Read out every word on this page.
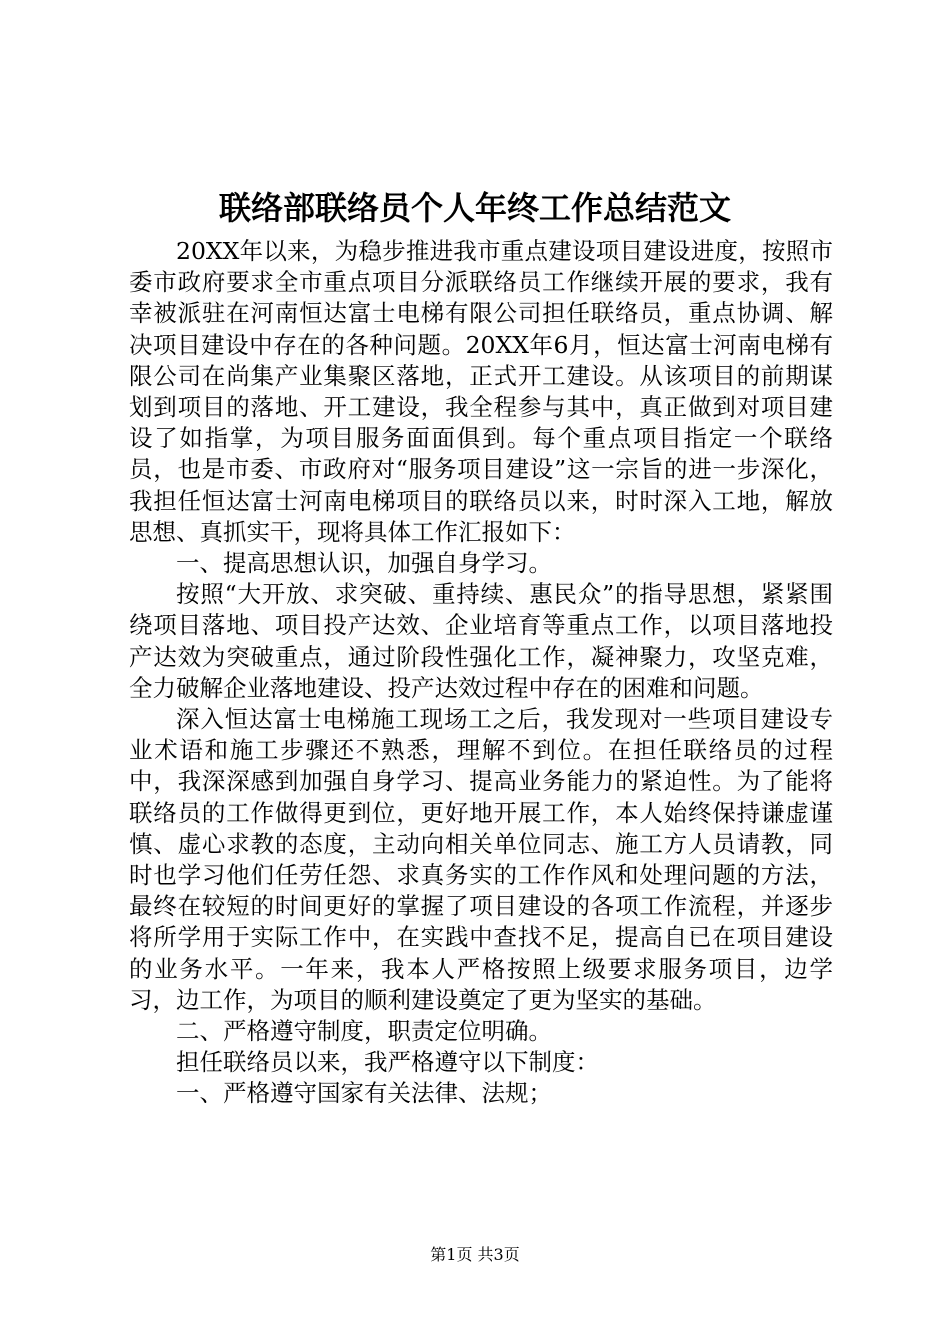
联络部联络员个人年终工作总结范文

20XX年以来，为稳步推进我市重点建设项目建设进度，按照市委市政府要求全市重点项目分派联络员工作继续开展的要求，我有幸被派驻在河南恒达富士电梯有限公司担任联络员，重点协调、解决项目建设中存在的各种问题。20XX年6月，恒达富士河南电梯有限公司在尚集产业集聚区落地，正式开工建设。从该项目的前期谋划到项目的落地、开工建设，我全程参与其中，真正做到对项目建设了如指掌，为项目服务面面俱到。每个重点项目指定一个联络员，也是市委、市政府对“服务项目建设”这一宗旨的进一步深化，我担任恒达富士河南电梯项目的联络员以来，时时深入工地，解放思想、真抓实干，现将具体工作汇报如下：

一、提高思想认识，加强自身学习。

按照“大开放、求突破、重持续、惠民众”的指导思想，紧紧围绕项目落地、项目投产达效、企业培育等重点工作，以项目落地投产达效为突破重点，通过阶段性强化工作，凝神聚力，攻坚克难，全力破解企业落地建设、投产达效过程中存在的困难和问题。

深入恒达富士电梯施工现场工之后，我发现对一些项目建设专业术语和施工步骤还不熟悉，理解不到位。在担任联络员的过程中，我深深感到加强自身学习、提高业务能力的紧迫性。为了能将联络员的工作做得更到位，更好地开展工作，本人始终保持谦虚谨慎、虚心求教的态度，主动向相关单位同志、施工方人员请教，同时也学习他们任劳任怨、求真务实的工作作风和处理问题的方法，最终在较短的时间更好的掌握了项目建设的各项工作流程，并逐步将所学用于实际工作中，在实践中查找不足，提高自已在项目建设的业务水平。一年来，我本人严格按照上级要求服务项目，边学习，边工作，为项目的顺利建设奠定了更为坚实的基础。

二、严格遵守制度，职责定位明确。

担任联络员以来，我严格遵守以下制度：

一、严格遵守国家有关法律、法规；

第1页 共3页
